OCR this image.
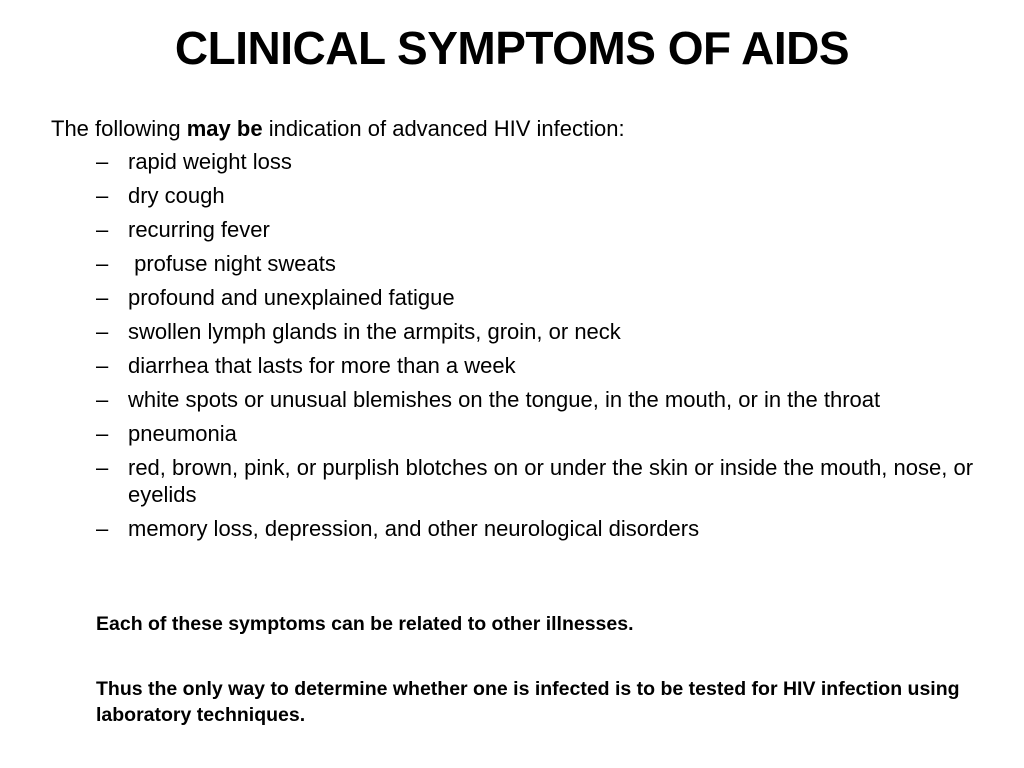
CLINICAL SYMPTOMS OF AIDS
The following may be indication of advanced HIV infection:
– rapid weight loss
– dry cough
– recurring fever
– profuse night sweats
– profound and unexplained fatigue
– swollen lymph glands in the armpits, groin, or neck
– diarrhea that lasts for more than a week
– white spots or unusual blemishes on the tongue, in the mouth, or in the throat
– pneumonia
– red, brown, pink, or purplish blotches on or under the skin or inside the mouth, nose, or eyelids
– memory loss, depression, and other neurological disorders
Each of these symptoms can be related to other illnesses.
Thus the only way to determine whether one is infected is to be tested for HIV infection using laboratory techniques.
